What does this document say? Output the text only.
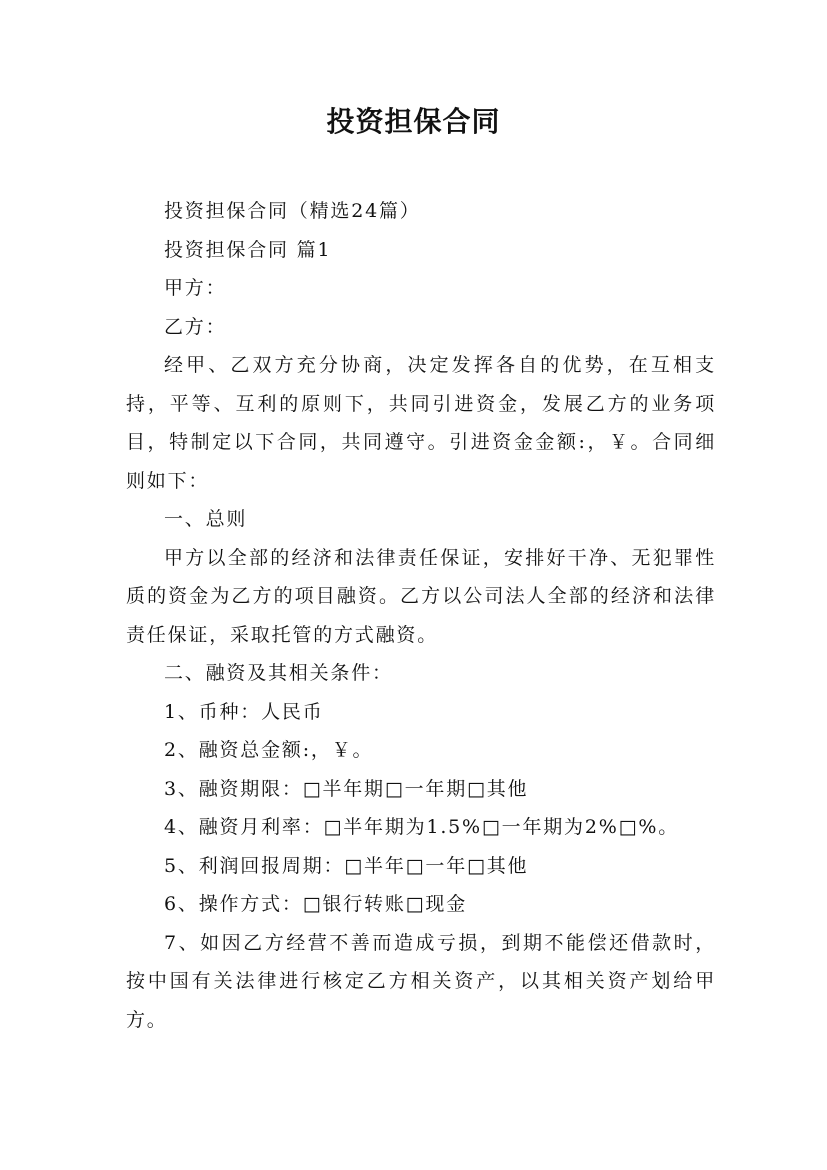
投资担保合同

投资担保合同（精选24篇）

投资担保合同 篇1

甲方：

乙方：

经甲、乙双方充分协商，决定发挥各自的优势，在互相支持，平等、互利的原则下，共同引进资金，发展乙方的业务项目，特制定以下合同，共同遵守。引进资金金额:，￥。合同细则如下：

一、总则

甲方以全部的经济和法律责任保证，安排好干净、无犯罪性质的资金为乙方的项目融资。乙方以公司法人全部的经济和法律责任保证，采取托管的方式融资。

二、融资及其相关条件：

1、币种：人民币

2、融资总金额:，￥。

3、融资期限：□半年期□一年期□其他

4、融资月利率：□半年期为1.5%□一年期为2%□%。

5、利润回报周期：□半年□一年□其他

6、操作方式：□银行转账□现金

7、如因乙方经营不善而造成亏损，到期不能偿还借款时，按中国有关法律进行核定乙方相关资产，以其相关资产划给甲方。
